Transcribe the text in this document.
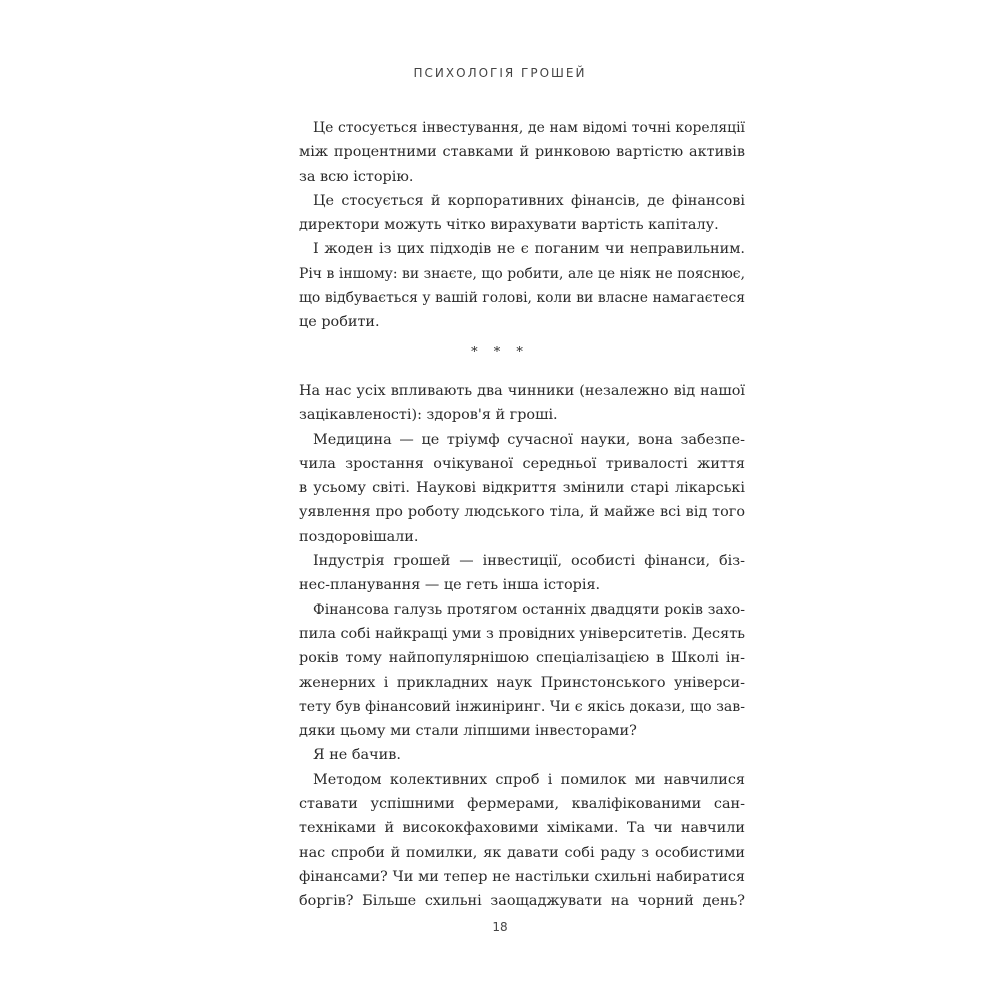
ПСИХОЛОГІЯ ГРОШЕЙ
Це стосується інвестування, де нам відомі точні кореляції
між процентними ставками й ринковою вартістю активів
за всю історію.
Це стосується й корпоративних фінансів, де фінансові
директори можуть чітко вирахувати вартість капіталу.
І жоден із цих підходів не є поганим чи неправильним.
Річ в іншому: ви знаєте, що робити, але це ніяк не пояснює,
що відбувається у вашій голові, коли ви власне намагаєтеся
це робити.
* * *
На нас усіх впливають два чинники (незалежно від нашої
зацікавленості): здоров'я й гроші.
Медицина — це тріумф сучасної науки, вона забезпе-
чила зростання очікуваної середньої тривалості життя
в усьому світі. Наукові відкриття змінили старі лікарські
уявлення про роботу людського тіла, й майже всі від того
поздоровішали.
Індустрія грошей — інвестиції, особисті фінанси, біз-
нес-планування — це геть інша історія.
Фінансова галузь протягом останніх двадцяти років захо-
пила собі найкращі уми з провідних університетів. Десять
років тому найпопулярнішою спеціалізацією в Школі ін-
женерних і прикладних наук Принстонського універси-
тету був фінансовий інжиніринг. Чи є якісь докази, що зав-
дяки цьому ми стали ліпшими інвесторами?
Я не бачив.
Методом колективних спроб і помилок ми навчилися
ставати успішними фермерами, кваліфікованими сан-
техніками й висококфаховими хіміками. Та чи навчили
нас спроби й помилки, як давати собі раду з особистими
фінансами? Чи ми тепер не настільки схильні набиратися
боргів? Більше схильні заощаджувати на чорний день?
18
